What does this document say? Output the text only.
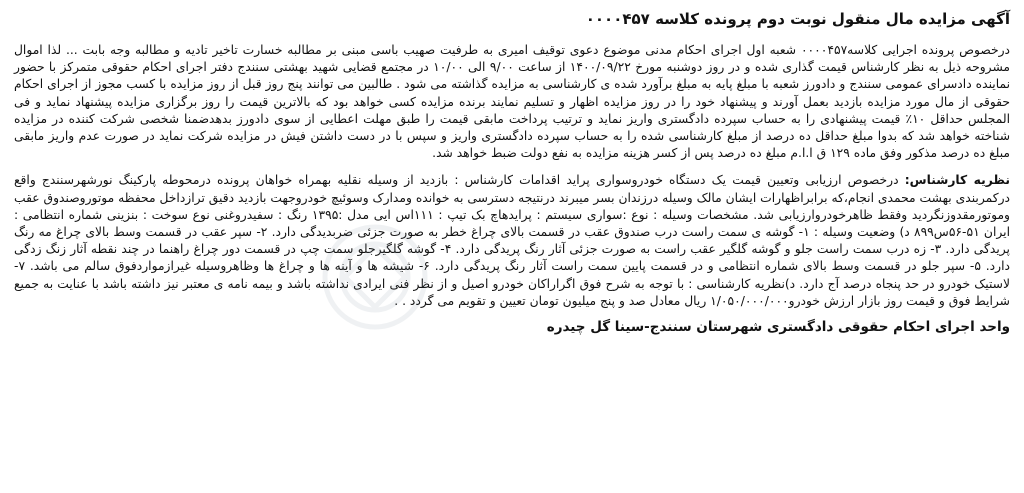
آگهی مزایده مال منقول نوبت دوم پرونده کلاسه ۰۰۰۰۴۵۷

درخصوص پرونده اجرایی کلاسه۰۰۰۰۴۵۷ شعبه اول اجرای احکام مدنی موضوع دعوی توقیف امیری به طرفیت صهیب باسی مبنی بر مطالبه خسارت تاخیر تادیه و مطالبه وجه بابت ... لذا اموال مشروحه ذیل به نظر کارشناس قیمت گذاری شده و در روز دوشنبه مورخ ۱۴۰۰/۰۹/۲۲ از ساعت ۹/۰۰ الی ۱۰/۰۰ در مجتمع قضایی شهید بهشتی سنندج دفتر اجرای احکام حقوقی متمرکز با حضور نماینده دادسرای عمومی سنندج و دادورز شعبه با مبلغ پایه به مبلغ برآورد شده ی کارشناسی به مزایده گذاشته می شود . طالبین می توانند پنج روز قبل از روز مزایده با کسب مجوز از اجرای احکام حقوقی از مال مورد مزایده بازدید بعمل آورند و پیشنهاد خود را در روز مزایده اظهار و تسلیم نمایند برنده مزایده کسی خواهد بود که بالاترین قیمت را روز برگزاری مزایده پیشنهاد نماید و فی المجلس حداقل ۱۰٪ قیمت پیشنهادی را به حساب سپرده دادگستری واریز نماید و ترتیب پرداخت مابقی قیمت را طبق مهلت اعطایی از سوی دادورز بدهدضمنا شخصی شرکت کننده در مزایده شناخته خواهد شد که بدوا مبلغ حداقل ده درصد از مبلغ کارشناسی شده را به حساب سپرده دادگستری واریز و سپس با در دست داشتن فیش در مزایده شرکت نماید در صورت عدم واریز مابقی مبلغ ده درصد مذکور وفق ماده ۱۲۹ ق ا.ا.م مبلغ ده درصد پس از کسر هزینه مزایده به نفع دولت ضبط خواهد شد.

نظریه کارشناس: درخصوص ارزیابی وتعیین قیمت یک دستگاه خودروسواری پراید اقدامات کارشناس : بازدید از وسیله نقلیه بهمراه خواهان پرونده درمحوطه پارکینگ نورشهرسنندج واقع درکمربندی بهشت محمدی انجام،که برابراظهارات ایشان مالک وسیله درزندان بسر میبرند درنتیجه دسترسی به خوانده ومدارک وسوئیچ خودروجهت بازدید دقیق ترازداخل محفظه موتوروصندوق عقب وموتورمقدوزنگردید وفقط ظاهرخودروارزیابی شد. مشخصات وسیله : نوع :سواری سیستم : پرایدهاچ بک تیپ : ۱۱۱اس ایی مدل :۱۳۹۵ رنگ : سفیدروغنی نوع سوخت : بنزینی شماره انتظامی : ایران ۵۱-۵۶س۸۹۹ د) وضعیت وسیله : ۱- گوشه ی سمت راست درب صندوق عقب در قسمت بالای چراغ خطر به صورت جزئی ضربدیدگی دارد. ۲- سپر عقب در قسمت وسط بالای چراغ مه رنگ پریدگی دارد. ۳- زه درب سمت راست جلو و گوشه گلگیر عقب راست به صورت جزئی آثار رنگ پریدگی دارد. ۴- گوشه گلگیرجلو سمت چپ در قسمت دور چراغ راهنما در چند نقطه آثار زنگ زدگی دارد. ۵- سپر جلو در قسمت وسط بالای شماره انتظامی و در قسمت پایین سمت راست آثار رنگ پریدگی دارد. ۶- شیشه ها و آینه ها و چراغ ها وظاهروسیله غیرازمواردفوق سالم می باشد. ۷-لاستیک خودرو در حد پنجاه درصد آج دارد. د)نظریه کارشناسی : با توجه به شرح فوق اگراراکان خودرو اصیل و از نظر فنی ایرادی نداشته باشد و بیمه نامه ی معتبر نیز داشته باشد با عنایت به جمیع شرایط فوق و قیمت روز بازار ارزش خودرو۱/۰۵۰/۰۰۰/۰۰۰ ریال معادل صد و پنج میلیون تومان تعیین و تقویم می گردد . .

واحد اجرای احکام حقوقی دادگستری شهرستان سنندج-سینا گل چیدره
